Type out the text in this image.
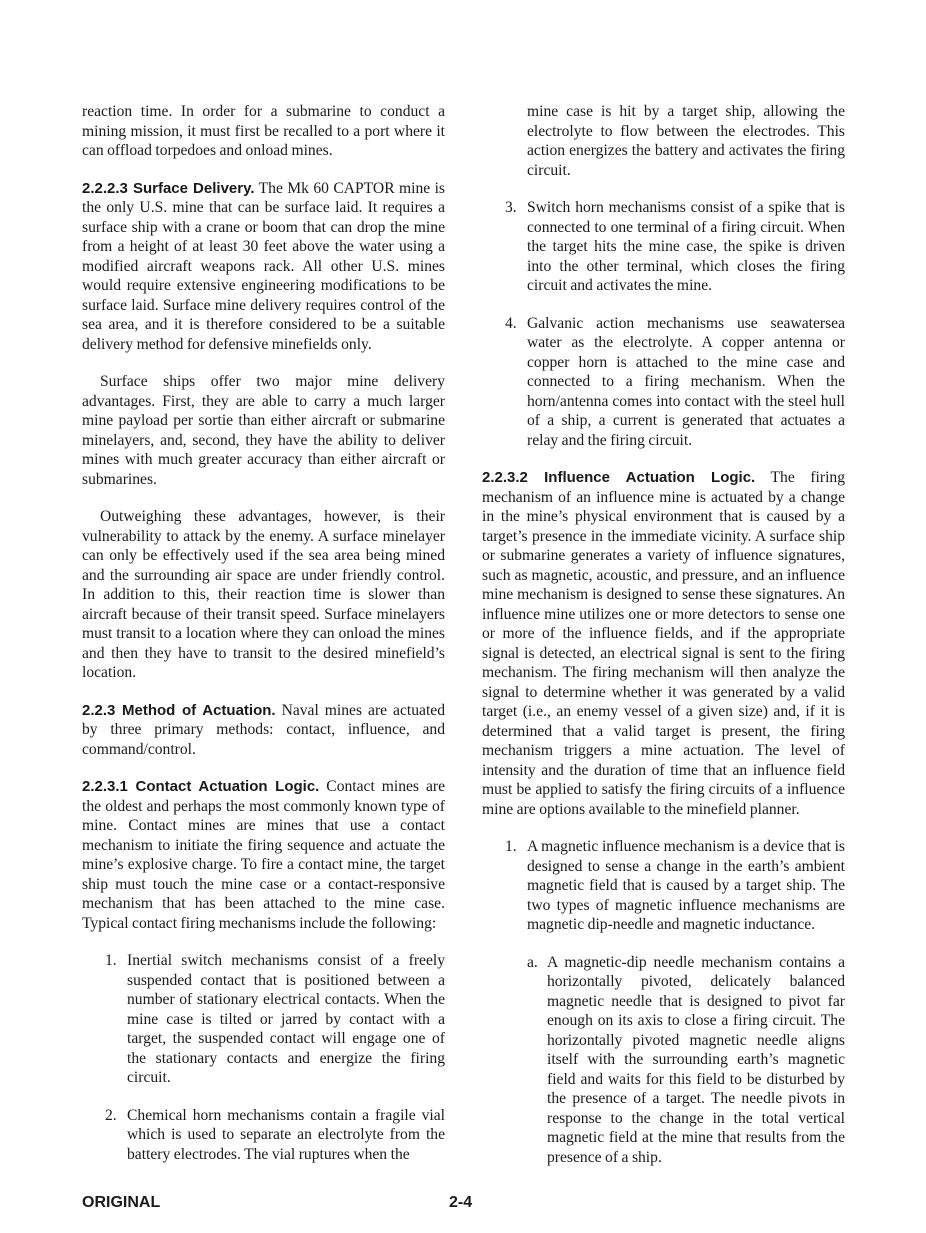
reaction time. In order for a submarine to conduct a mining mission, it must first be recalled to a port where it can offload torpedoes and onload mines.

2.2.2.3 Surface Delivery. The Mk 60 CAPTOR mine is the only U.S. mine that can be surface laid. It requires a surface ship with a crane or boom that can drop the mine from a height of at least 30 feet above the water using a modified aircraft weapons rack. All other U.S. mines would require extensive engineering modifications to be surface laid. Surface mine delivery requires control of the sea area, and it is therefore considered to be a suitable delivery method for defensive minefields only.

Surface ships offer two major mine delivery advantages. First, they are able to carry a much larger mine payload per sortie than either aircraft or submarine minelayers, and, second, they have the ability to deliver mines with much greater accuracy than either aircraft or submarines.

Outweighing these advantages, however, is their vulnerability to attack by the enemy. A surface minelayer can only be effectively used if the sea area being mined and the surrounding air space are under friendly control. In addition to this, their reaction time is slower than aircraft because of their transit speed. Surface minelayers must transit to a location where they can onload the mines and then they have to transit to the desired minefield’s location.

2.2.3 Method of Actuation. Naval mines are actuated by three primary methods: contact, influence, and command/control.

2.2.3.1 Contact Actuation Logic. Contact mines are the oldest and perhaps the most commonly known type of mine. Contact mines are mines that use a contact mechanism to initiate the firing sequence and actuate the mine’s explosive charge. To fire a contact mine, the target ship must touch the mine case or a contact-responsive mechanism that has been attached to the mine case. Typical contact firing mechanisms include the following:

1. Inertial switch mechanisms consist of a freely suspended contact that is positioned between a number of stationary electrical contacts. When the mine case is tilted or jarred by contact with a target, the suspended contact will engage one of the stationary contacts and energize the firing circuit.
2. Chemical horn mechanisms contain a fragile vial which is used to separate an electrolyte from the battery electrodes. The vial ruptures when the

mine case is hit by a target ship, allowing the electrolyte to flow between the electrodes. This action energizes the battery and activates the firing circuit.

3. Switch horn mechanisms consist of a spike that is connected to one terminal of a firing circuit. When the target hits the mine case, the spike is driven into the other terminal, which closes the firing circuit and activates the mine.
4. Galvanic action mechanisms use seawatersea water as the electrolyte. A copper antenna or copper horn is attached to the mine case and connected to a firing mechanism. When the horn/antenna comes into contact with the steel hull of a ship, a current is generated that actuates a relay and the firing circuit.

2.2.3.2 Influence Actuation Logic. The firing mechanism of an influence mine is actuated by a change in the mine’s physical environment that is caused by a target’s presence in the immediate vicinity. A surface ship or submarine generates a variety of influence signatures, such as magnetic, acoustic, and pressure, and an influence mine mechanism is designed to sense these signatures. An influence mine utilizes one or more detectors to sense one or more of the influence fields, and if the appropriate signal is detected, an electrical signal is sent to the firing mechanism. The firing mechanism will then analyze the signal to determine whether it was generated by a valid target (i.e., an enemy vessel of a given size) and, if it is determined that a valid target is present, the firing mechanism triggers a mine actuation. The level of intensity and the duration of time that an influence field must be applied to satisfy the firing circuits of a influence mine are options available to the minefield planner.

1. A magnetic influence mechanism is a device that is designed to sense a change in the earth’s ambient magnetic field that is caused by a target ship. The two types of magnetic influence mechanisms are magnetic dip-needle and magnetic inductance.
a. A magnetic-dip needle mechanism contains a horizontally pivoted, delicately balanced magnetic needle that is designed to pivot far enough on its axis to close a firing circuit. The horizontally pivoted magnetic needle aligns itself with the surrounding earth’s magnetic field and waits for this field to be disturbed by the presence of a target. The needle pivots in response to the change in the total vertical magnetic field at the mine that results from the presence of a ship.
ORIGINAL	2-4
